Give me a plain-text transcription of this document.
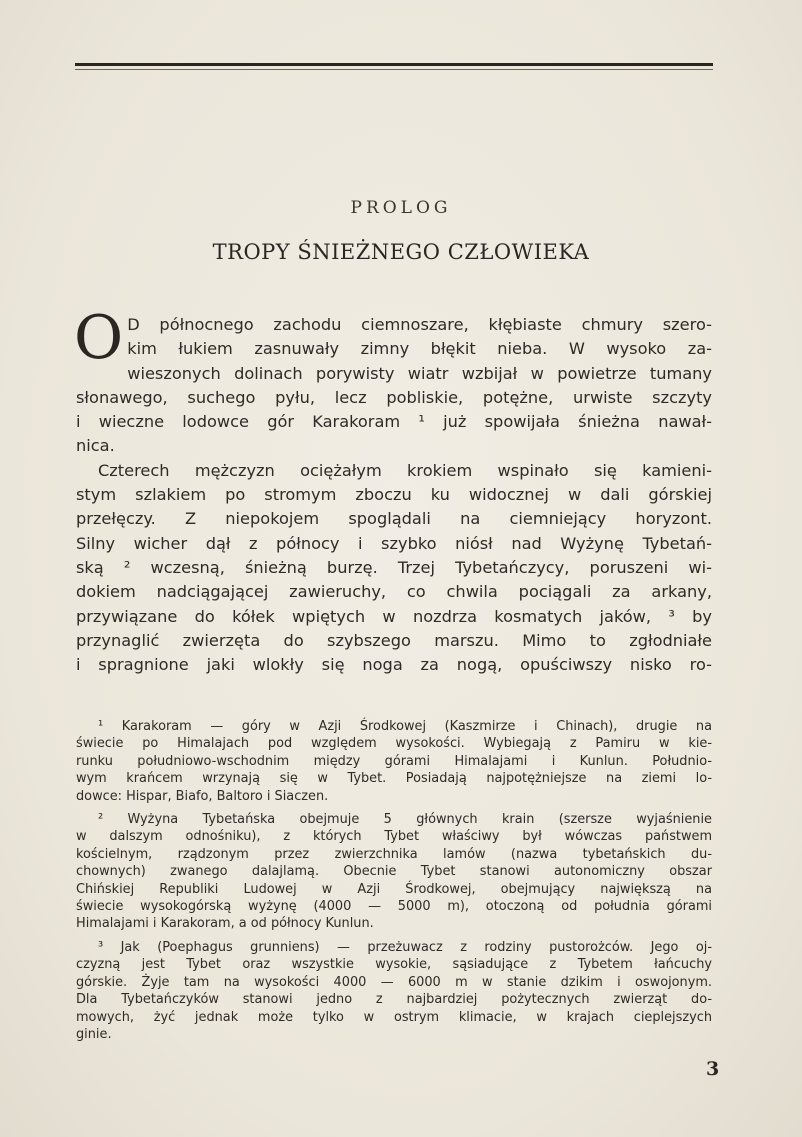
PROLOG
TROPY ŚNIEŻNEGO CZŁOWIEKA

O D północnego zachodu ciemnoszare, kłębiaste chmury szero-
kim łukiem zasnuwały zimny błękit nieba. W wysoko za-
wieszonych dolinach porywisty wiatr wzbijał w powietrze tumany
słonawego, suchego pyłu, lecz pobliskie, potężne, urwiste szczyty
i wieczne lodowce gór Karakoram ¹ już spowijała śnieżna nawał-
nica.

Czterech mężczyzn ociężałym krokiem wspinało się kamieni-
stym szlakiem po stromym zboczu ku widocznej w dali górskiej
przełęczy. Z niepokojem spoglądali na ciemniejący horyzont.
Silny wicher dął z północy i szybko niósł nad Wyżynę Tybetań-
ską ² wczesną, śnieżną burzę. Trzej Tybetańczycy, poruszeni wi-
dokiem nadciągającej zawieruchy, co chwila pociągali za arkany,
przywiązane do kółek wpiętych w nozdrza kosmatych jaków, ³ by
przynaglić zwierzęta do szybszego marszu. Mimo to zgłodniałe
i spragnione jaki wlokły się noga za nogą, opuściwszy nisko ro-

¹ Karakoram — góry w Azji Środkowej (Kaszmirze i Chinach), drugie na
świecie po Himalajach pod względem wysokości. Wybiegają z Pamiru w kie-
runku południowo-wschodnim między górami Himalajami i Kunlun. Południo-
wym krańcem wrzynają się w Tybet. Posiadają najpotężniejsze na ziemi lo-
dowce: Hispar, Biafo, Baltoro i Siaczen.
² Wyżyna Tybetańska obejmuje 5 głównych krain (szersze wyjaśnienie
w dalszym odnośniku), z których Tybet właściwy był wówczas państwem
kościelnym, rządzonym przez zwierzchnika lamów (nazwa tybetańskich du-
chownych) zwanego dalajlamą. Obecnie Tybet stanowi autonomiczny obszar
Chińskiej Republiki Ludowej w Azji Środkowej, obejmujący największą na
świecie wysokogórską wyżynę (4000 — 5000 m), otoczoną od południa górami
Himalajami i Karakoram, a od północy Kunlun.
³ Jak (Poephagus grunniens) — przeżuwacz z rodziny pustorożców. Jego oj-
czyzną jest Tybet oraz wszystkie wysokie, sąsiadujące z Tybetem łańcuchy
górskie. Żyje tam na wysokości 4000 — 6000 m w stanie dzikim i oswojonym.
Dla Tybetańczyków stanowi jedno z najbardziej pożytecznych zwierząt do-
mowych, żyć jednak może tylko w ostrym klimacie, w krajach cieplejszych
ginie.
3
